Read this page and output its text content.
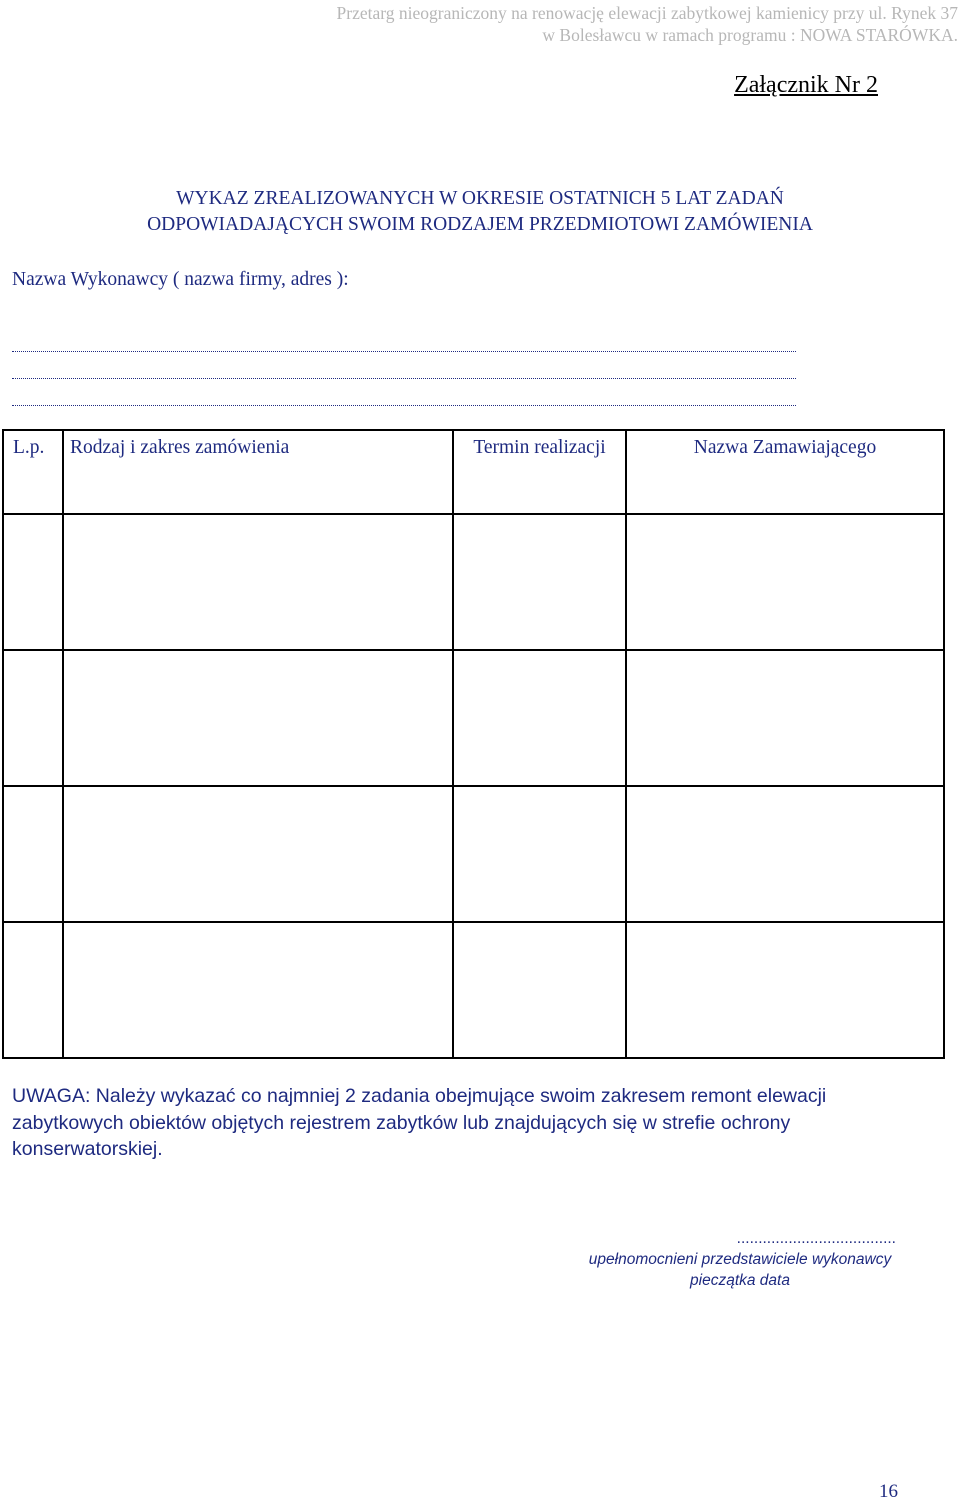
Przetarg nieograniczony na renowację elewacji zabytkowej kamienicy przy ul. Rynek 37
w Bolesławcu w ramach programu : NOWA STARÓWKA.
Załącznik Nr 2
WYKAZ ZREALIZOWANYCH W OKRESIE OSTATNICH 5 LAT ZADAŃ
ODPOWIADAJĄCYCH SWOIM RODZAJEM PRZEDMIOTOWI ZAMÓWIENIA
Nazwa Wykonawcy ( nazwa firmy, adres ):
L.p.	Rodzaj i zakres zamówienia	Termin realizacji	Nazwa Zamawiającego

UWAGA: Należy wykazać co najmniej 2 zadania obejmujące swoim zakresem remont elewacji
zabytkowych obiektów objętych rejestrem zabytków lub znajdujących się w strefie ochrony
konserwatorskiej.
.....................................
upełnomocnieni przedstawiciele wykonawcy
pieczątka data
16
